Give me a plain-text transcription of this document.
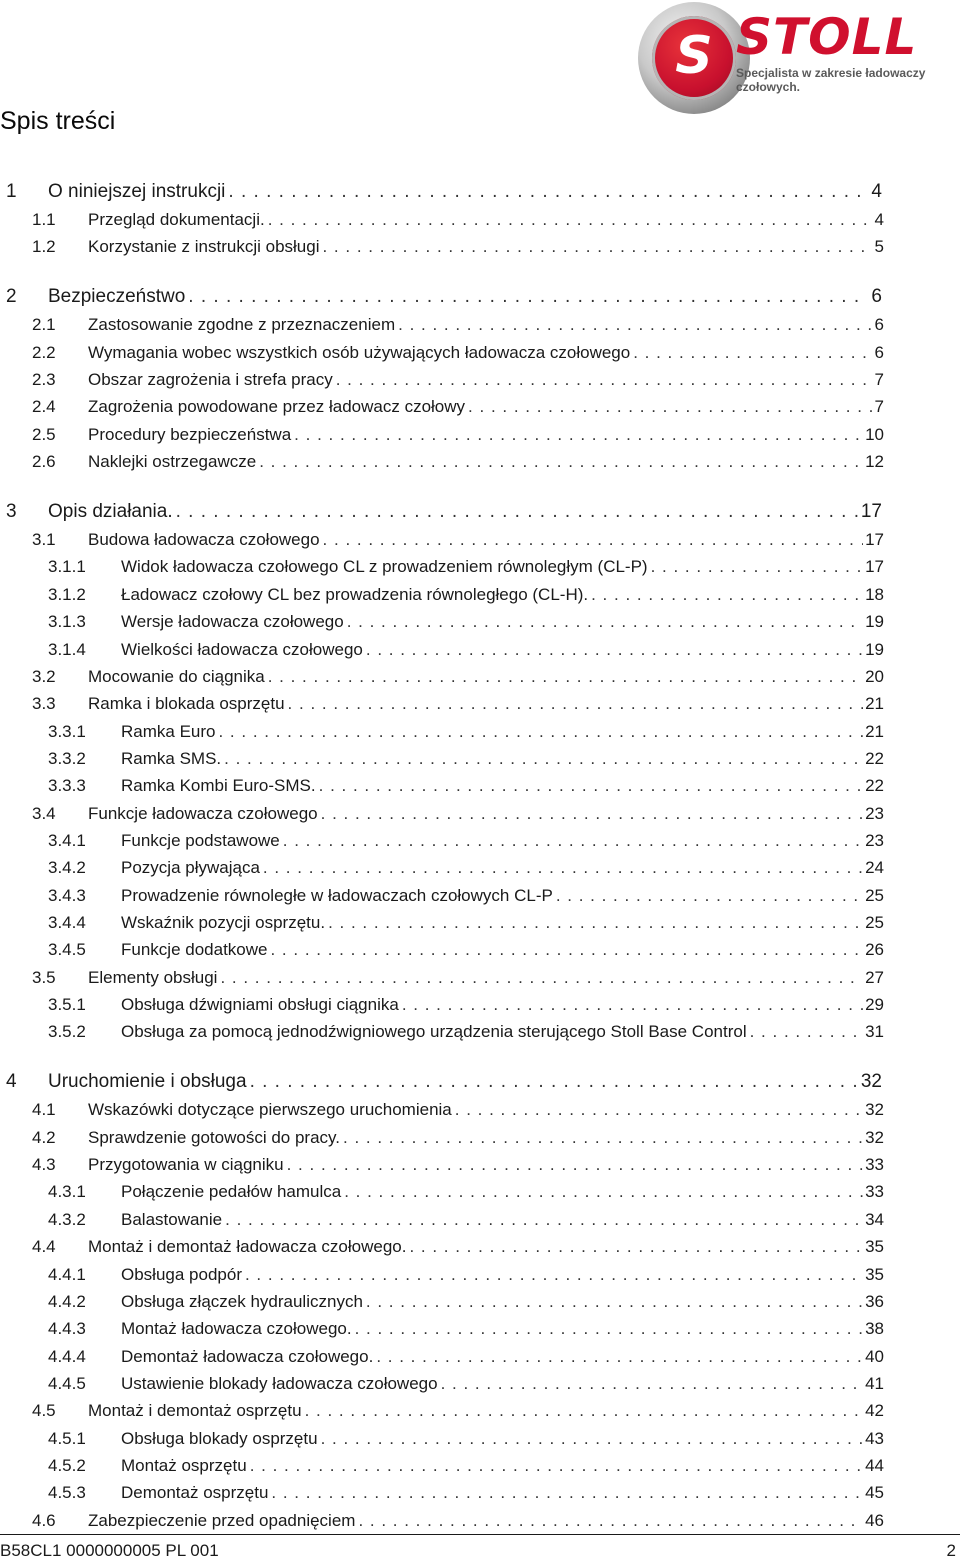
S STOLL
Specjalista w zakresie ładowaczy czołowych.
Spis treści
1	O niniejszej instrukcji . . .	4
1.1	Przegląd dokumentacji. . . .	4
1.2	Korzystanie z instrukcji obsługi . . .	5
2	Bezpieczeństwo . . .	6
2.1	Zastosowanie zgodne z przeznaczeniem . . .	6
2.2	Wymagania wobec wszystkich osób używających ładowacza czołowego . . .	6
2.3	Obszar zagrożenia i strefa pracy . . .	7
2.4	Zagrożenia powodowane przez ładowacz czołowy . . .	7
2.5	Procedury bezpieczeństwa . . .	10
2.6	Naklejki ostrzegawcze . . .	12
3	Opis działania. . . .	17
3.1	Budowa ładowacza czołowego . . .	17
3.1.1	Widok ładowacza czołowego CL z prowadzeniem równoległym (CL-P) . . .	17
3.1.2	Ładowacz czołowy CL bez prowadzenia równoległego (CL-H). . . .	18
3.1.3	Wersje ładowacza czołowego . . .	19
3.1.4	Wielkości ładowacza czołowego . . .	19
3.2	Mocowanie do ciągnika . . .	20
3.3	Ramka i blokada osprzętu . . .	21
3.3.1	Ramka Euro . . .	21
3.3.2	Ramka SMS. . . .	22
3.3.3	Ramka Kombi Euro-SMS. . . .	22
3.4	Funkcje ładowacza czołowego . . .	23
3.4.1	Funkcje podstawowe . . .	23
3.4.2	Pozycja pływająca . . .	24
3.4.3	Prowadzenie równoległe w ładowaczach czołowych CL-P . . .	25
3.4.4	Wskaźnik pozycji osprzętu. . . .	25
3.4.5	Funkcje dodatkowe . . .	26
3.5	Elementy obsługi . . .	27
3.5.1	Obsługa dźwigniami obsługi ciągnika . . .	29
3.5.2	Obsługa za pomocą jednodźwigniowego urządzenia sterującego Stoll Base Control . . .	31
4	Uruchomienie i obsługa . . .	32
4.1	Wskazówki dotyczące pierwszego uruchomienia . . .	32
4.2	Sprawdzenie gotowości do pracy. . . .	32
4.3	Przygotowania w ciągniku . . .	33
4.3.1	Połączenie pedałów hamulca . . .	33
4.3.2	Balastowanie . . .	34
4.4	Montaż i demontaż ładowacza czołowego. . . .	35
4.4.1	Obsługa podpór . . .	35
4.4.2	Obsługa złączek hydraulicznych . . .	36
4.4.3	Montaż ładowacza czołowego. . . .	38
4.4.4	Demontaż ładowacza czołowego. . . .	40
4.4.5	Ustawienie blokady ładowacza czołowego . . .	41
4.5	Montaż i demontaż osprzętu . . .	42
4.5.1	Obsługa blokady osprzętu . . .	43
4.5.2	Montaż osprzętu . . .	44
4.5.3	Demontaż osprzętu . . .	45
4.6	Zabezpieczenie przed opadnięciem . . .	46
B58CL1 0000000005 PL 001	2
